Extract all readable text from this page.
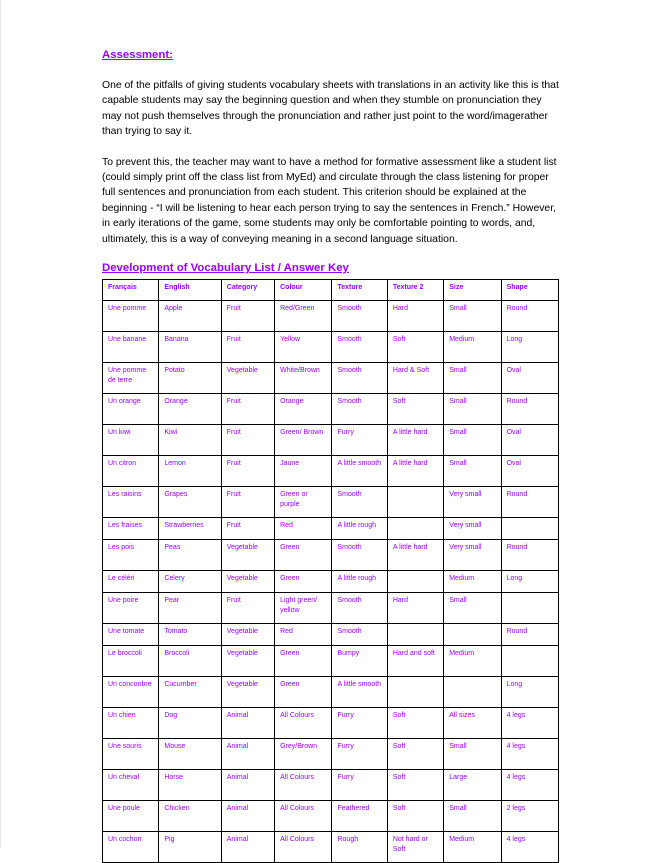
Assessment:

One of the pitfalls of giving students vocabulary sheets with translations in an activity like this is that capable students may say the beginning question and when they stumble on pronunciation they may not push themselves through the pronunciation and rather just point to the word/imagerather than trying to say it.

To prevent this, the teacher may want to have a method for formative assessment like a student list (could simply print off the class list from MyEd) and circulate through the class listening for proper full sentences and pronunciation from each student. This criterion should be explained at the beginning - “I will be listening to hear each person trying to say the sentences in French.” However, in early iterations of the game, some students may only be comfortable pointing to words, and, ultimately, this is a way of conveying meaning in a second language situation.

Development of Vocabulary List / Answer Key
Français	English	Category	Colour	Texture	Texture 2	Size	Shape
Une pomme	Apple	Fruit	Red/Green	Smooth	Hard	Small	Round
Une banane	Banana	Fruit	Yellow	Smooth	Soft	Medium	Long
Une pomme de terre	Potato	Vegetable	White/Brown	Smooth	Hard & Soft	Small	Oval
Un orange	Orange	Fruit	Orange	Smooth	Soft	Small	Round
Un kiwi	Kiwi	Fruit	Green/ Brown	Furry	A little hard	Small	Oval
Un citron	Lemon	Fruit	Jaune	A little smooth	A little hard	Small	Oval
Les raisins	Grapes	Fruit	Green or purple	Smooth		Very small	Round
Les fraises	Strawberries	Fruit	Red	A little rough		Very small	
Les pois	Peas	Vegetable	Green	Smooth	A little hard	Very small	Round
Le céléri	Celery	Vegetable	Green	A little rough		Medium	Long
Une poire	Pear	Fruit	Light green/ yellow	Smooth	Hard	Small	
Une tomate	Tomato	Vegetable	Red	Smooth			Round
Le broccoli	Broccoli	Vegetable	Green	Bumpy	Hard and soft	Medium	
Un conconbre	Cucumber	Vegetable	Green	A little smooth			Long
Un chien	Dog	Animal	All Colours	Furry	Soft	All sizes	4 legs
Une souris	Mouse	Animal	Grey/Brown	Furry	Soft	Small	4 legs
Un cheval	Horse	Animal	All Colours	Furry	Soft	Large	4 legs
Une poule	Chicken	Animal	All Colours	Feathered	Soft	Small	2 legs
Un cochon	Pig	Animal	All Colours	Rough	Not hard or Soft	Medium	4 legs
